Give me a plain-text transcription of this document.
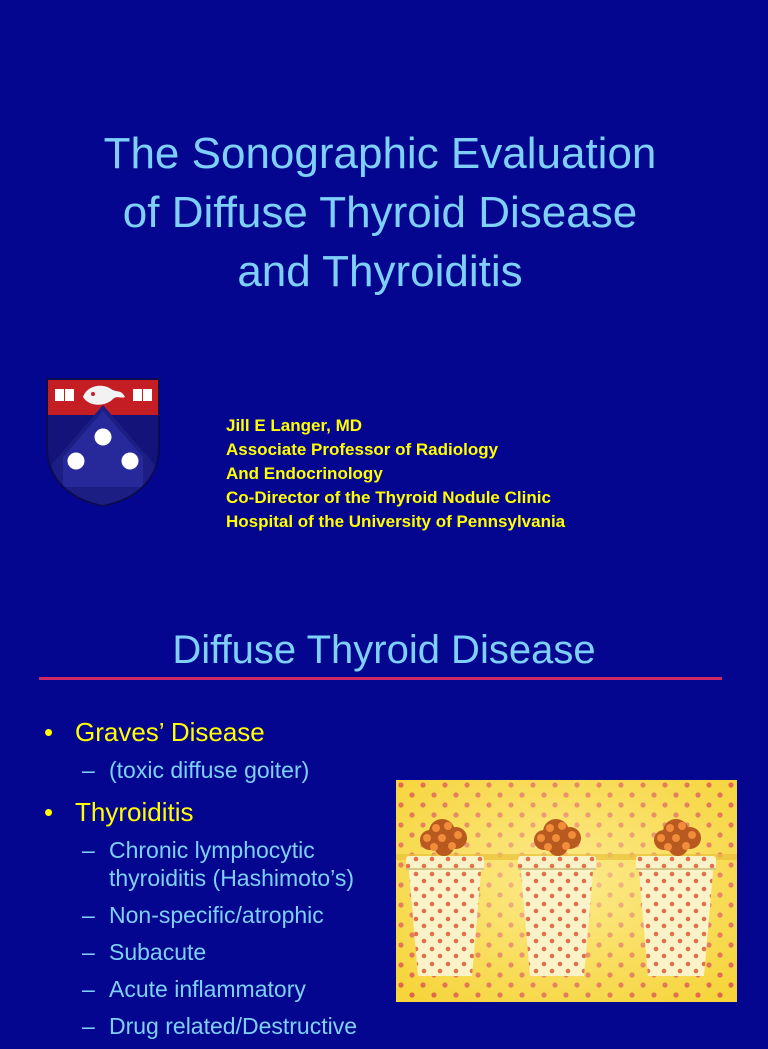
The Sonographic Evaluation of Diffuse Thyroid Disease and Thyroiditis
Jill E Langer, MD
Associate Professor of Radiology
And Endocrinology
Co-Director of the Thyroid Nodule Clinic
Hospital of the University of Pennsylvania
Diffuse Thyroid Disease
• Graves’ Disease
– (toxic diffuse goiter)
• Thyroiditis
– Chronic lymphocytic
thyroiditis (Hashimoto’s)
– Non-specific/atrophic
– Subacute
– Acute inflammatory
– Drug related/Destructive
